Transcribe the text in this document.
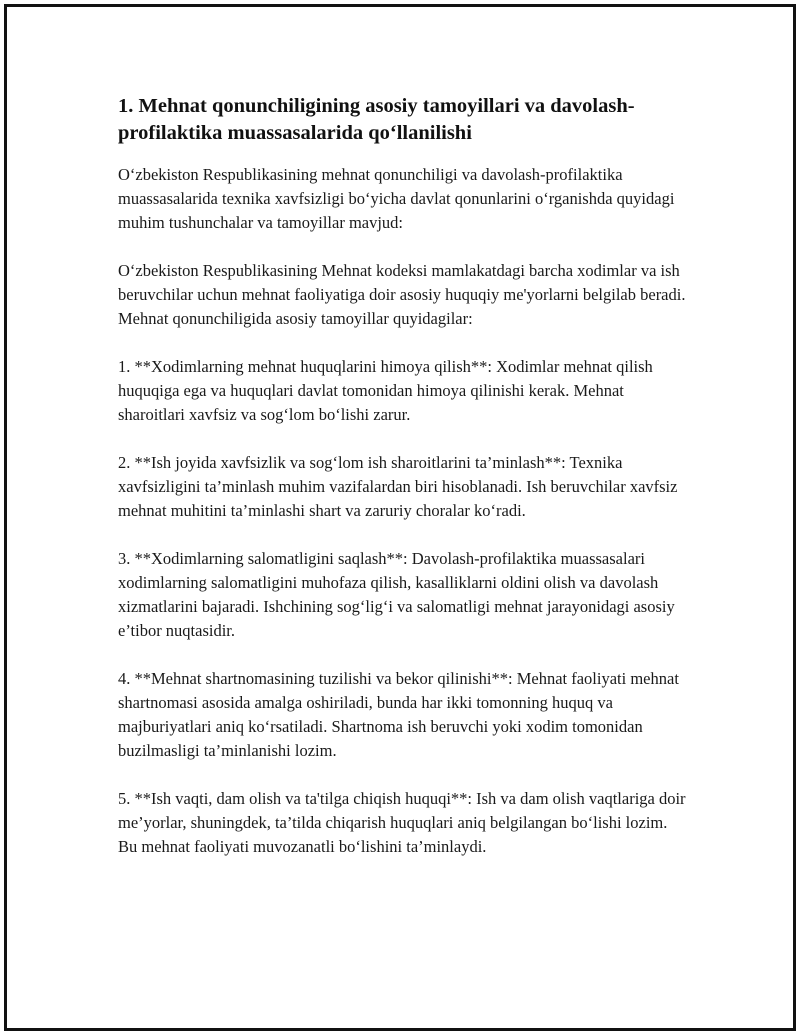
1. Mehnat qonunchiligining asosiy tamoyillari va davolash-profilaktika muassasalarida qo‘llanilishi

O‘zbekiston Respublikasining mehnat qonunchiligi va davolash-profilaktika muassasalarida texnika xavfsizligi bo‘yicha davlat qonunlarini o‘rganishda quyidagi muhim tushunchalar va tamoyillar mavjud:

O‘zbekiston Respublikasining Mehnat kodeksi mamlakatdagi barcha xodimlar va ish beruvchilar uchun mehnat faoliyatiga doir asosiy huquqiy me'yorlarni belgilab beradi. Mehnat qonunchiligida asosiy tamoyillar quyidagilar:

1. **Xodimlarning mehnat huquqlarini himoya qilish**: Xodimlar mehnat qilish huquqiga ega va huquqlari davlat tomonidan himoya qilinishi kerak. Mehnat sharoitlari xavfsiz va sog‘lom bo‘lishi zarur.

2. **Ish joyida xavfsizlik va sog‘lom ish sharoitlarini ta’minlash**: Texnika xavfsizligini ta’minlash muhim vazifalardan biri hisoblanadi. Ish beruvchilar xavfsiz mehnat muhitini ta’minlashi shart va zaruriy choralar ko‘radi.

3. **Xodimlarning salomatligini saqlash**: Davolash-profilaktika muassasalari xodimlarning salomatligini muhofaza qilish, kasalliklarni oldini olish va davolash xizmatlarini bajaradi. Ishchining sog‘lig‘i va salomatligi mehnat jarayonidagi asosiy e’tibor nuqtasidir.

4. **Mehnat shartnomasining tuzilishi va bekor qilinishi**: Mehnat faoliyati mehnat shartnomasi asosida amalga oshiriladi, bunda har ikki tomonning huquq va majburiyatlari aniq ko‘rsatiladi. Shartnoma ish beruvchi yoki xodim tomonidan buzilmasligi ta’minlanishi lozim.

5. **Ish vaqti, dam olish va ta'tilga chiqish huquqi**: Ish va dam olish vaqtlariga doir me’yorlar, shuningdek, ta’tilda chiqarish huquqlari aniq belgilangan bo‘lishi lozim. Bu mehnat faoliyati muvozanatli bo‘lishini ta’minlaydi.
